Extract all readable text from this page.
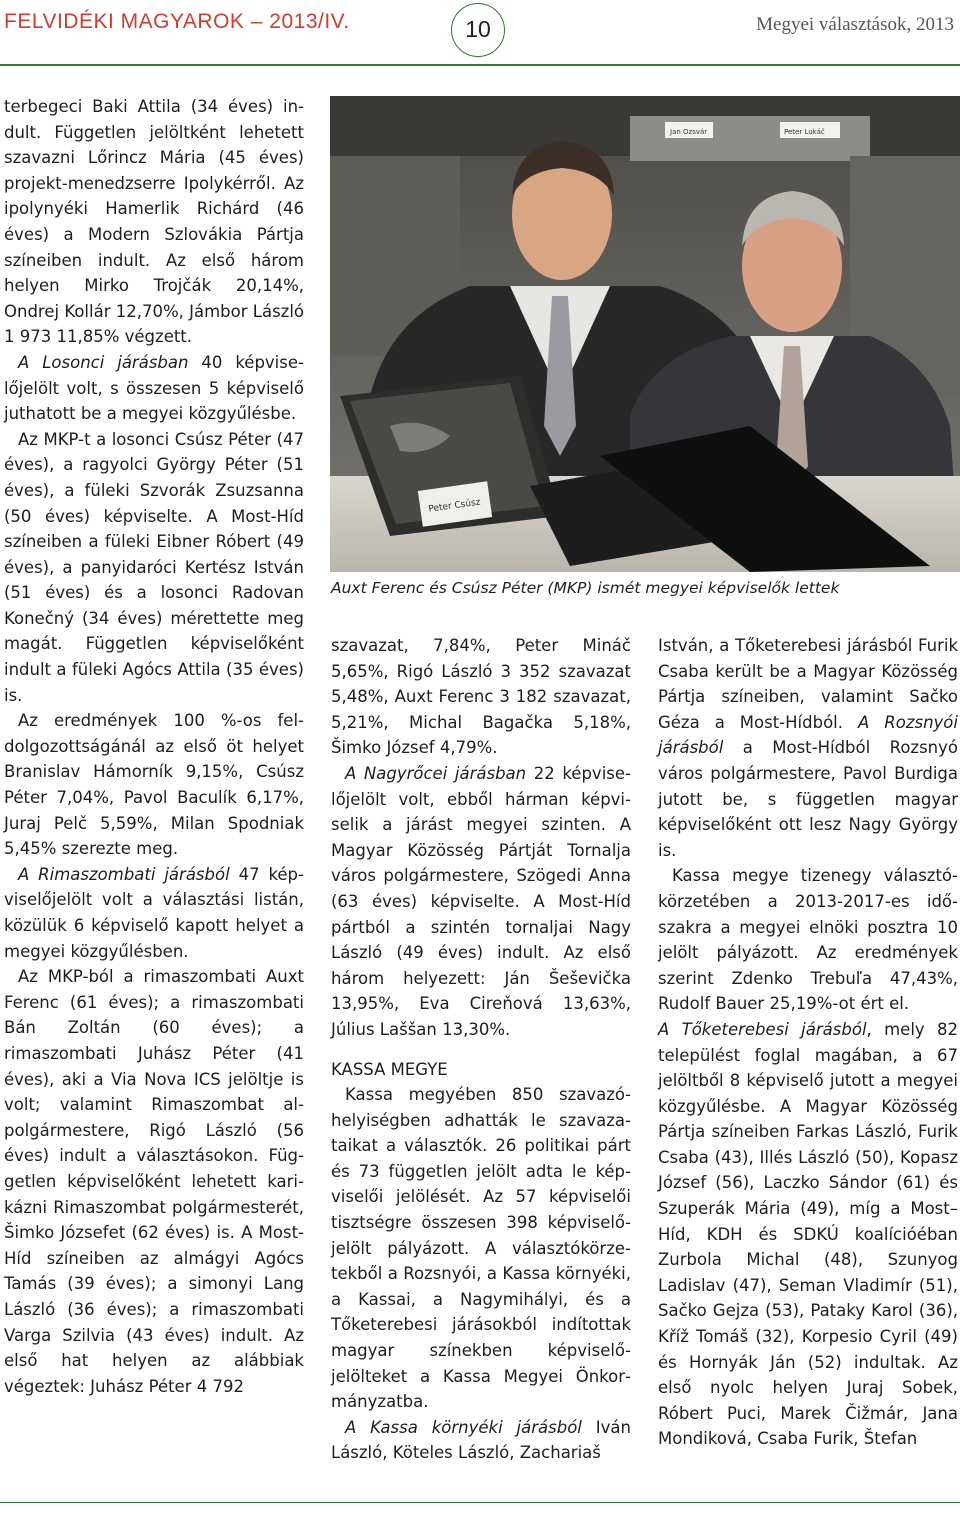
FELVIDÉKI MAGYAROK – 2013/IV.	10	Megyei választások, 2013

terbegeci Baki Attila (34 éves) indult. Független jelöltként lehetett szavazni Lőrincz Mária (45 éves) projekt-menedzserre Ipolykérről. Az ipolynyéki Hamerlik Richárd (46 éves) a Modern Szlovákia Pártja színeiben indult. Az első három helyen Mirko Trojčák 20,14%, Ondrej Kollár 12,70%, Jámbor László 1 973 11,85% végzett.

A Losonci járásban 40 képviselőjelölt volt, s összesen 5 képviselő juthatott be a megyei közgyűlésbe.

Az MKP-t a losonci Csúsz Péter (47 éves), a ragyolci György Péter (51 éves), a füleki Szvorák Zsuzsanna (50 éves) képviselte. A Most-Híd színeiben a füleki Eibner Róbert (49 éves), a panyidaróci Kertész István (51 éves) és a losonci Radovan Konečný (34 éves) mérettette meg magát. Független képviselőként indult a füleki Agócs Attila (35 éves) is.

Az eredmények 100 %-os feldolgozottságánál az első öt helyet Branislav Hámorník 9,15%, Csúsz Péter 7,04%, Pavol Baculík 6,17%, Juraj Pelč 5,59%, Milan Spodniak 5,45% szerezte meg.

A Rimaszombati járásból 47 képviselőjelölt volt a választási listán, közülük 6 képviselő kapott helyet a megyei közgyűlésben.

Az MKP-ból a rimaszombati Auxt Ferenc (61 éves); a rimaszombati Bán Zoltán (60 éves); a rimaszombati Juhász Péter (41 éves), aki a Via Nova ICS jelöltje is volt; valamint Rimaszombat alpolgármestere, Rigó László (56 éves) indult a választásokon. Független képviselőként lehetett karikázni Rimaszombat polgármesterét, Šimko Józsefet (62 éves) is. A Most-Híd színeiben az almágyi Agócs Tamás (39 éves); a simonyi Lang László (36 éves); a rimaszombati Varga Szilvia (43 éves) indult. Az első hat helyen az alábbiak végeztek: Juhász Péter 4 792

Jan Ozsvár	Peter Lukáč
Peter Csúsz
Auxt Ferenc és Csúsz Péter (MKP) ismét megyei képviselők lettek

szavazat, 7,84%, Peter Mináč 5,65%, Rigó László 3 352 szavazat 5,48%, Auxt Ferenc 3 182 szavazat, 5,21%, Michal Bagačka 5,18%, Šimko József 4,79%.

A Nagyrőcei járásban 22 képviselőjelölt volt, ebből hárman képviselik a járást megyei szinten. A Magyar Közösség Pártját Tornalja város polgármestere, Szögedi Anna (63 éves) képviselte. A Most-Híd pártból a szintén tornaljai Nagy László (49 éves) indult. Az első három helyezett: Ján Šeševička 13,95%, Eva Cireňová 13,63%, Július Laššan 13,30%.

KASSA MEGYE

Kassa megyében 850 szavazóhelyiségben adhatták le szavazataikat a választók. 26 politikai párt és 73 független jelölt adta le képviselői jelölését. Az 57 képviselői tisztségre összesen 398 képviselőjelölt pályázott. A választókörzetekből a Rozsnyói, a Kassa környéki, a Kassai, a Nagymihályi, és a Tőketerebesi járásokból indítottak magyar színekben képviselőjelölteket a Kassa Megyei Önkormányzatba.

A Kassa környéki járásból Iván László, Köteles László, Zachariaš

István, a Tőketerebesi járásból Furik Csaba került be a Magyar Közösség Pártja színeiben, valamint Sačko Géza a Most-Hídból. A Rozsnyói járásból a Most-Hídból Rozsnyó város polgármestere, Pavol Burdiga jutott be, s független magyar képviselőként ott lesz Nagy György is.

Kassa megye tizenegy választókörzetében a 2013-2017-es időszakra a megyei elnöki posztra 10 jelölt pályázott. Az eredmények szerint Zdenko Trebuľa 47,43%, Rudolf Bauer 25,19%-ot ért el.

A Tőketerebesi járásból, mely 82 települést foglal magában, a 67 jelöltből 8 képviselő jutott a megyei közgyűlésbe. A Magyar Közösség Pártja színeiben Farkas László, Furik Csaba (43), Illés László (50), Kopasz József (56), Laczko Sándor (61) és Szuperák Mária (49), míg a Most–Híd, KDH és SDKÚ koalícióéban Zurbola Michal (48), Szunyog Ladislav (47), Seman Vladimír (51), Sačko Gejza (53), Pataky Karol (36), Kříž Tomáš (32), Korpesio Cyril (49) és Hornyák Ján (52) indultak. Az első nyolc helyen Juraj Sobek, Róbert Puci, Marek Čižmár, Jana Mondiková, Csaba Furik, Štefan
